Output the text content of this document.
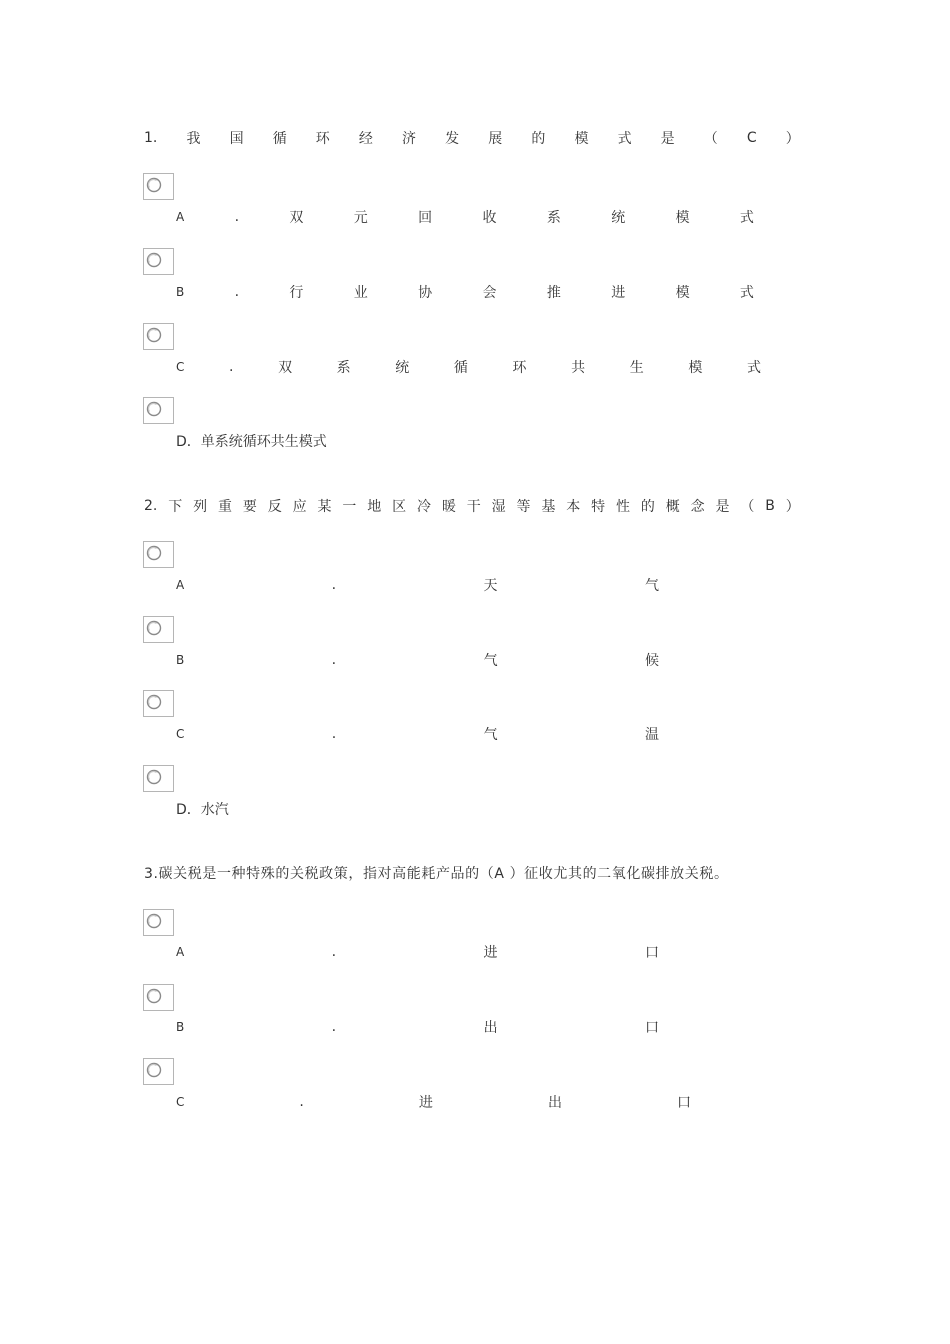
1. 我 国 循 环 经 济 发 展 的 模 式 是 （ C ）
A	.	双	元	回	收	系	统	模	式
B	.	行	业	协	会	推	进	模	式
C	.	双	系	统	循	环	共	生	模	式
D．单系统循环共生模式
2. 下 列 重 要 反 应 某 一 地 区 冷 暖 干 湿 等 基 本 特 性 的 概 念 是 （ B ）
A	.	天	气
B	.	气	候
C	.	气	温
D．水汽
3.碳关税是一种特殊的关税政策，指对高能耗产品的（A ）征收尤其的二氧化碳排放关税。
A	.	进	口
B	.	出	口
C	.	进	出	口
